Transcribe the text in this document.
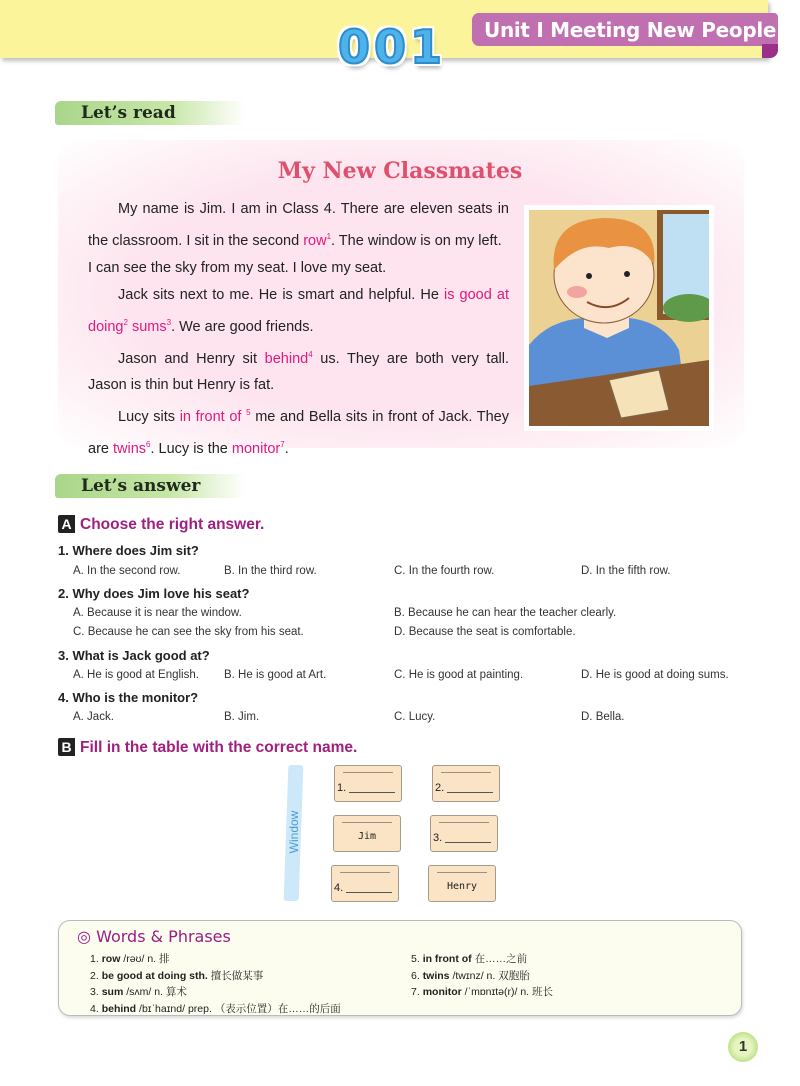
Unit I Meeting New People
001
Let’s read
My New Classmates

My name is Jim. I am in Class 4. There are eleven seats in the classroom. I sit in the second row$^1$. The window is on my left.

I can see the sky from my seat. I love my seat.

Jack sits next to me. He is smart and helpful. He is good at doing$^2$ sums$^3$. We are good friends.

Jason and Henry sit behind$^4$ us. They are both very tall. Jason is thin but Henry is fat.

Lucy sits in front of $^5$ me and Bella sits in front of Jack. They are twins$^6$. Lucy is the monitor$^7$.

Let’s answer
A Choose the right answer.
1. Where does Jim sit?
A. In the second row.	B. In the third row.	C. In the fourth row.	D. In the fifth row.
2. Why does Jim love his seat?
A. Because it is near the window.	B. Because he can hear the teacher clearly.
C. Because he can see the sky from his seat.	D. Because the seat is comfortable.
3. What is Jack good at?
A. He is good at English. B. He is good at Art.	C. He is good at painting.	D. He is good at doing sums.
4. Who is the monitor?
A. Jack.	B. Jim.	C. Lucy.	D. Bella.
B Fill in the table with the correct name.
Window
1.	2.
Jim	3.
4.	Henry
◎ Words & Phrases
1. row /rəʊ/ n. 排
2. be good at doing sth. 擅长做某事
3. sum /sʌm/ n. 算术
4. behind /bɪˈhaɪnd/ prep. （表示位置）在……的后面
5. in front of 在……之前
6. twins /twɪnz/ n. 双胞胎
7. monitor /ˈmɒnɪtə(r)/ n. 班长
1
